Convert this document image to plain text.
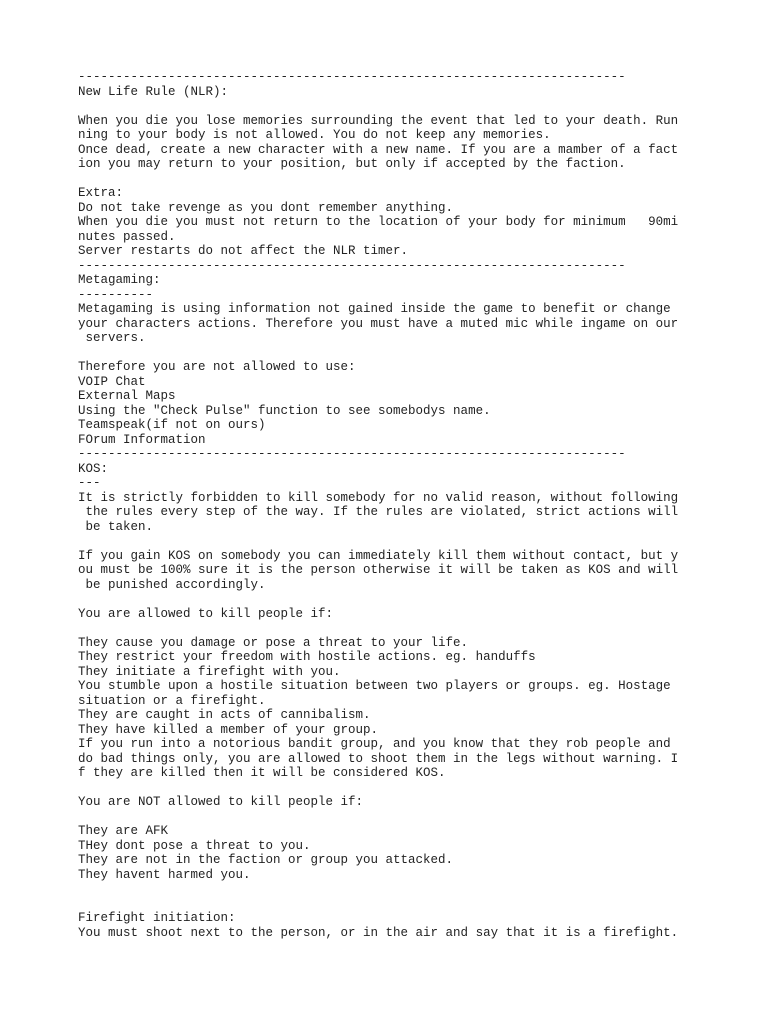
-------------------------------------------------------------------------
New Life Rule (NLR):
When you die you lose memories surrounding the event that led to your death. Run
ning to your body is not allowed. You do not keep any memories.
Once dead, create a new character with a new name. If you are a mamber of a fact
ion you may return to your position, but only if accepted by the faction.
Extra:
Do not take revenge as you dont remember anything.
When you die you must not return to the location of your body for minimum   90mi
nutes passed.
Server restarts do not affect the NLR timer.
-------------------------------------------------------------------------
Metagaming:
----------
Metagaming is using information not gained inside the game to benefit or change
your characters actions. Therefore you must have a muted mic while ingame on our
servers.
Therefore you are not allowed to use:
VOIP Chat
External Maps
Using the "Check Pulse" function to see somebodys name.
Teamspeak(if not on ours)
FOrum Information
-------------------------------------------------------------------------
KOS:
---
It is strictly forbidden to kill somebody for no valid reason, without following
the rules every step of the way. If the rules are violated, strict actions will
be taken.
If you gain KOS on somebody you can immediately kill them without contact, but y
ou must be 100% sure it is the person otherwise it will be taken as KOS and will
be punished accordingly.
You are allowed to kill people if:
They cause you damage or pose a threat to your life.
They restrict your freedom with hostile actions. eg. handuffs
They initiate a firefight with you.
You stumble upon a hostile situation between two players or groups. eg. Hostage
situation or a firefight.
They are caught in acts of cannibalism.
They have killed a member of your group.
If you run into a notorious bandit group, and you know that they rob people and
do bad things only, you are allowed to shoot them in the legs without warning. I
f they are killed then it will be considered KOS.
You are NOT allowed to kill people if:
They are AFK
THey dont pose a threat to you.
They are not in the faction or group you attacked.
They havent harmed you.
Firefight initiation:
You must shoot next to the person, or in the air and say that it is a firefight.
